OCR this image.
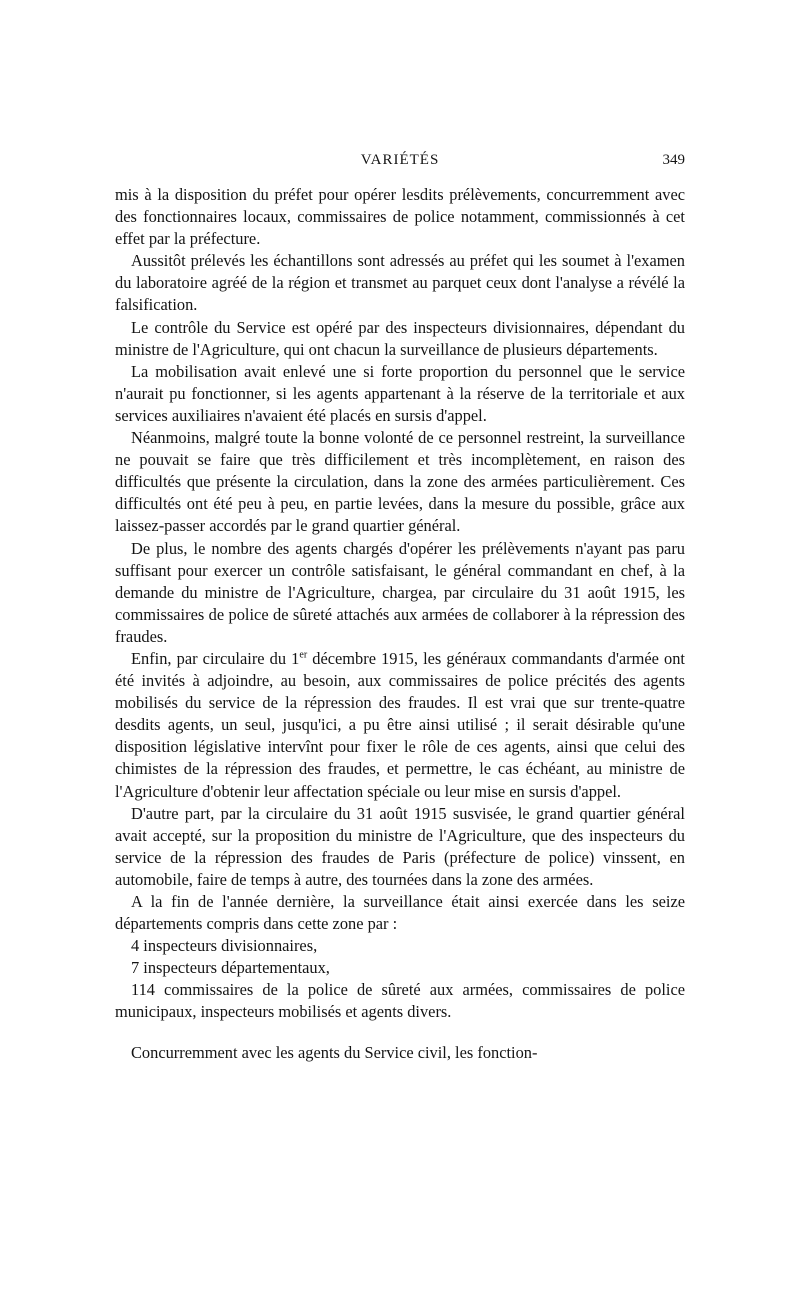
VARIÉTÉS	349

mis à la disposition du préfet pour opérer lesdits prélèvements, concurremment avec des fonctionnaires locaux, commissaires de police notamment, commissionnés à cet effet par la préfecture.

Aussitôt prélevés les échantillons sont adressés au préfet qui les soumet à l'examen du laboratoire agréé de la région et transmet au parquet ceux dont l'analyse a révélé la falsification.

Le contrôle du Service est opéré par des inspecteurs divisionnaires, dépendant du ministre de l'Agriculture, qui ont chacun la surveillance de plusieurs départements.

La mobilisation avait enlevé une si forte proportion du personnel que le service n'aurait pu fonctionner, si les agents appartenant à la réserve de la territoriale et aux services auxiliaires n'avaient été placés en sursis d'appel.

Néanmoins, malgré toute la bonne volonté de ce personnel restreint, la surveillance ne pouvait se faire que très difficilement et très incomplètement, en raison des difficultés que présente la circulation, dans la zone des armées particulièrement. Ces difficultés ont été peu à peu, en partie levées, dans la mesure du possible, grâce aux laissez-passer accordés par le grand quartier général.

De plus, le nombre des agents chargés d'opérer les prélèvements n'ayant pas paru suffisant pour exercer un contrôle satisfaisant, le général commandant en chef, à la demande du ministre de l'Agriculture, chargea, par circulaire du 31 août 1915, les commissaires de police de sûreté attachés aux armées de collaborer à la répression des fraudes.

Enfin, par circulaire du 1er décembre 1915, les généraux commandants d'armée ont été invités à adjoindre, au besoin, aux commissaires de police précités des agents mobilisés du service de la répression des fraudes. Il est vrai que sur trente-quatre desdits agents, un seul, jusqu'ici, a pu être ainsi utilisé ; il serait désirable qu'une disposition législative intervînt pour fixer le rôle de ces agents, ainsi que celui des chimistes de la répression des fraudes, et permettre, le cas échéant, au ministre de l'Agriculture d'obtenir leur affectation spéciale ou leur mise en sursis d'appel.

D'autre part, par la circulaire du 31 août 1915 susvisée, le grand quartier général avait accepté, sur la proposition du ministre de l'Agriculture, que des inspecteurs du service de la répression des fraudes de Paris (préfecture de police) vinssent, en automobile, faire de temps à autre, des tournées dans la zone des armées.

A la fin de l'année dernière, la surveillance était ainsi exercée dans les seize départements compris dans cette zone par :

4 inspecteurs divisionnaires,

7 inspecteurs départementaux,

114 commissaires de la police de sûreté aux armées, commissaires de police municipaux, inspecteurs mobilisés et agents divers.

Concurremment avec les agents du Service civil, les fonction-
